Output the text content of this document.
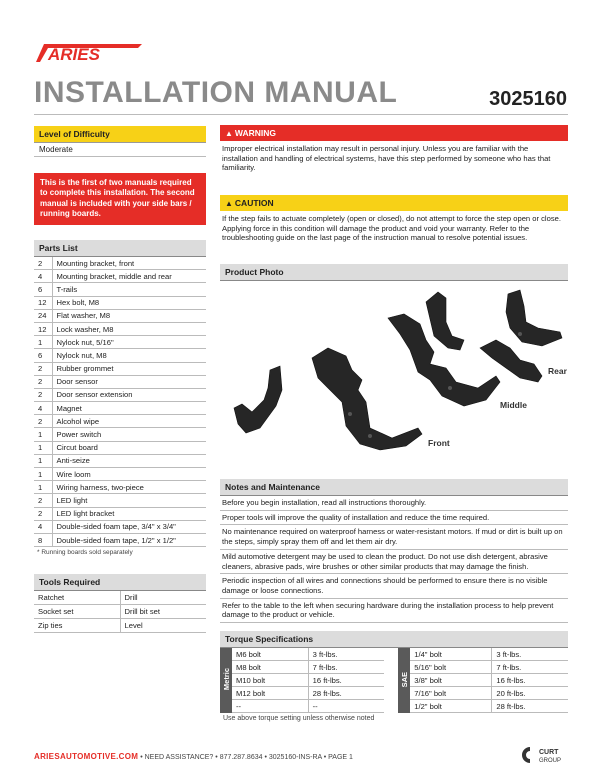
ARIES
INSTALLATION MANUAL	3025160
Level of Difficulty
Moderate
This is the first of two manuals required to complete this installation. The second manual is included with your side bars / running boards.
Parts List
2	Mounting bracket, front
4	Mounting bracket, middle and rear
6	T-rails
12	Hex bolt, M8
24	Flat washer, M8
12	Lock washer, M8
1	Nylock nut, 5/16"
6	Nylock nut, M8
2	Rubber grommet
2	Door sensor
2	Door sensor extension
4	Magnet
2	Alcohol wipe
1	Power switch
1	Circut board
1	Anti-seize
1	Wire loom
1	Wiring harness, two-piece
2	LED light
2	LED light bracket
4	Double-sided foam tape, 3/4" x 3/4"
8	Double-sided foam tape, 1/2" x 1/2"
* Running boards sold separately
Tools Required
Ratchet	Drill
Socket set	Drill bit set
Zip ties	Level
▲ WARNING
Improper electrical installation may result in personal injury. Unless you are familiar with the installation and handling of electrical systems, have this step performed by someone who has that familiarity.
▲ CAUTION
If the step fails to actuate completely (open or closed), do not attempt to force the step open or close. Applying force in this condition will damage the product and void your warranty. Refer to the troubleshooting guide on the last page of the instruction manual to resolve potential issues.
Product Photo
Front
Middle
Rear
Notes and Maintenance
Before you begin installation, read all instructions thoroughly.
Proper tools will improve the quality of installation and reduce the time required.
No maintenance required on waterproof harness or water-resistant motors. If mud or dirt is built up on the steps, simply spray them off and let them air dry.
Mild automotive detergent may be used to clean the product. Do not use dish detergent, abrasive cleaners, abrasive pads, wire brushes or other similar products that may damage the finish.
Periodic inspection of all wires and connections should be performed to ensure there is no visible damage or loose connections.
Refer to the table to the left when securing hardware during the installation process to help prevent damage to the product or vehicle.
Torque Specifications
Metric	M6 bolt	3 ft-lbs.		SAE	1/4" bolt	3 ft-lbs.
	M8 bolt	7 ft-lbs.			5/16" bolt	7 ft-lbs.
	M10 bolt	16 ft-lbs.			3/8" bolt	16 ft-lbs.
	M12 bolt	28 ft-lbs.			7/16" bolt	20 ft-lbs.
	--	--			1/2" bolt	28 ft-lbs.
Use above torque setting unless otherwise noted
ARIESAUTOMOTIVE.COM • NEED ASSISTANCE? • 877.287.8634 • 3025160-INS-RA • PAGE 1
CURT
GROUP
